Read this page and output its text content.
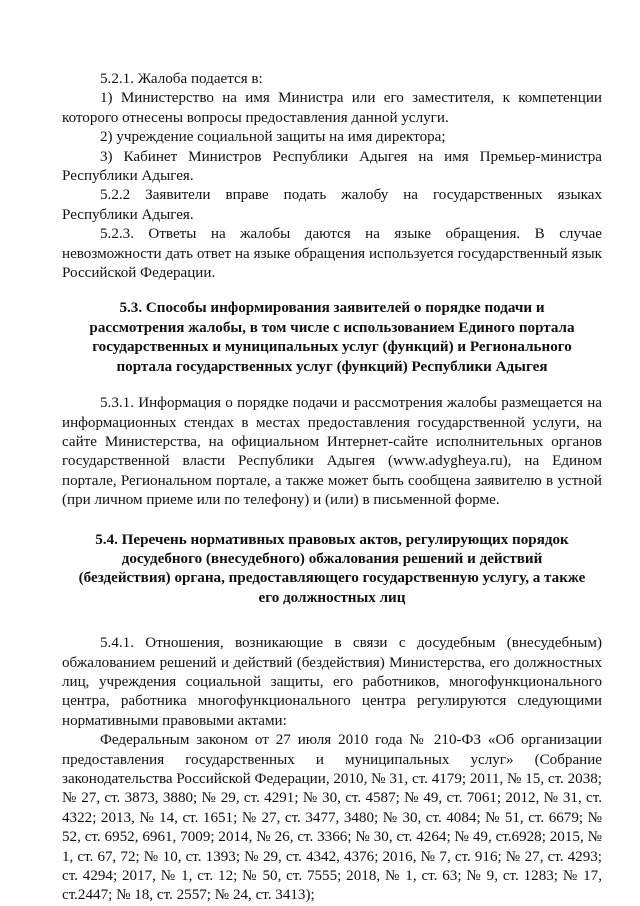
5.2.1. Жалоба подается в:

1) Министерство на имя Министра или его заместителя, к компетенции которого отнесены вопросы предоставления данной услуги.

2) учреждение социальной защиты на имя директора;

3) Кабинет Министров Республики Адыгея на имя Премьер-министра Республики Адыгея.

5.2.2 Заявители вправе подать жалобу на государственных языках Республики Адыгея.

5.2.3. Ответы на жалобы даются на языке обращения. В случае невозможности дать ответ на языке обращения используется государственный язык Российской Федерации.

5.3. Способы информирования заявителей о порядке подачи и рассмотрения жалобы, в том числе с использованием Единого портала государственных и муниципальных услуг (функций) и Регионального портала государственных услуг (функций) Республики Адыгея

5.3.1. Информация о порядке подачи и рассмотрения жалобы размещается на информационных стендах в местах предоставления государственной услуги, на сайте Министерства, на официальном Интернет-сайте исполнительных органов государственной власти Республики Адыгея (www.adygheya.ru), на Едином портале, Региональном портале, а также может быть сообщена заявителю в устной (при личном приеме или по телефону) и (или) в письменной форме.

5.4. Перечень нормативных правовых актов, регулирующих порядок досудебного (внесудебного) обжалования решений и действий (бездействия) органа, предоставляющего государственную услугу, а также его должностных лиц

5.4.1. Отношения, возникающие в связи с досудебным (внесудебным) обжалованием решений и действий (бездействия) Министерства, его должностных лиц, учреждения социальной защиты, его работников, многофункционального центра, работника многофункционального центра регулируются следующими нормативными правовыми актами:

Федеральным законом от 27 июля 2010 года № 210-ФЗ «Об организации предоставления государственных и муниципальных услуг» (Собрание законодательства Российской Федерации, 2010, № 31, ст. 4179; 2011, № 15, ст. 2038; № 27, ст. 3873, 3880; № 29, ст. 4291; № 30, ст. 4587; № 49, ст. 7061; 2012, № 31, ст. 4322; 2013, № 14, ст. 1651; № 27, ст. 3477, 3480; № 30, ст. 4084; № 51, ст. 6679; № 52, ст. 6952, 6961, 7009; 2014, № 26, ст. 3366; № 30, ст. 4264; № 49, ст.6928; 2015, № 1, ст. 67, 72; № 10, ст. 1393; № 29, ст. 4342, 4376; 2016, № 7, ст. 916; № 27, ст. 4293; ст. 4294; 2017, № 1, ст. 12; № 50, ст. 7555; 2018, № 1, ст. 63; № 9, ст. 1283; № 17, ст.2447; № 18, ст. 2557; № 24, ст. 3413);
